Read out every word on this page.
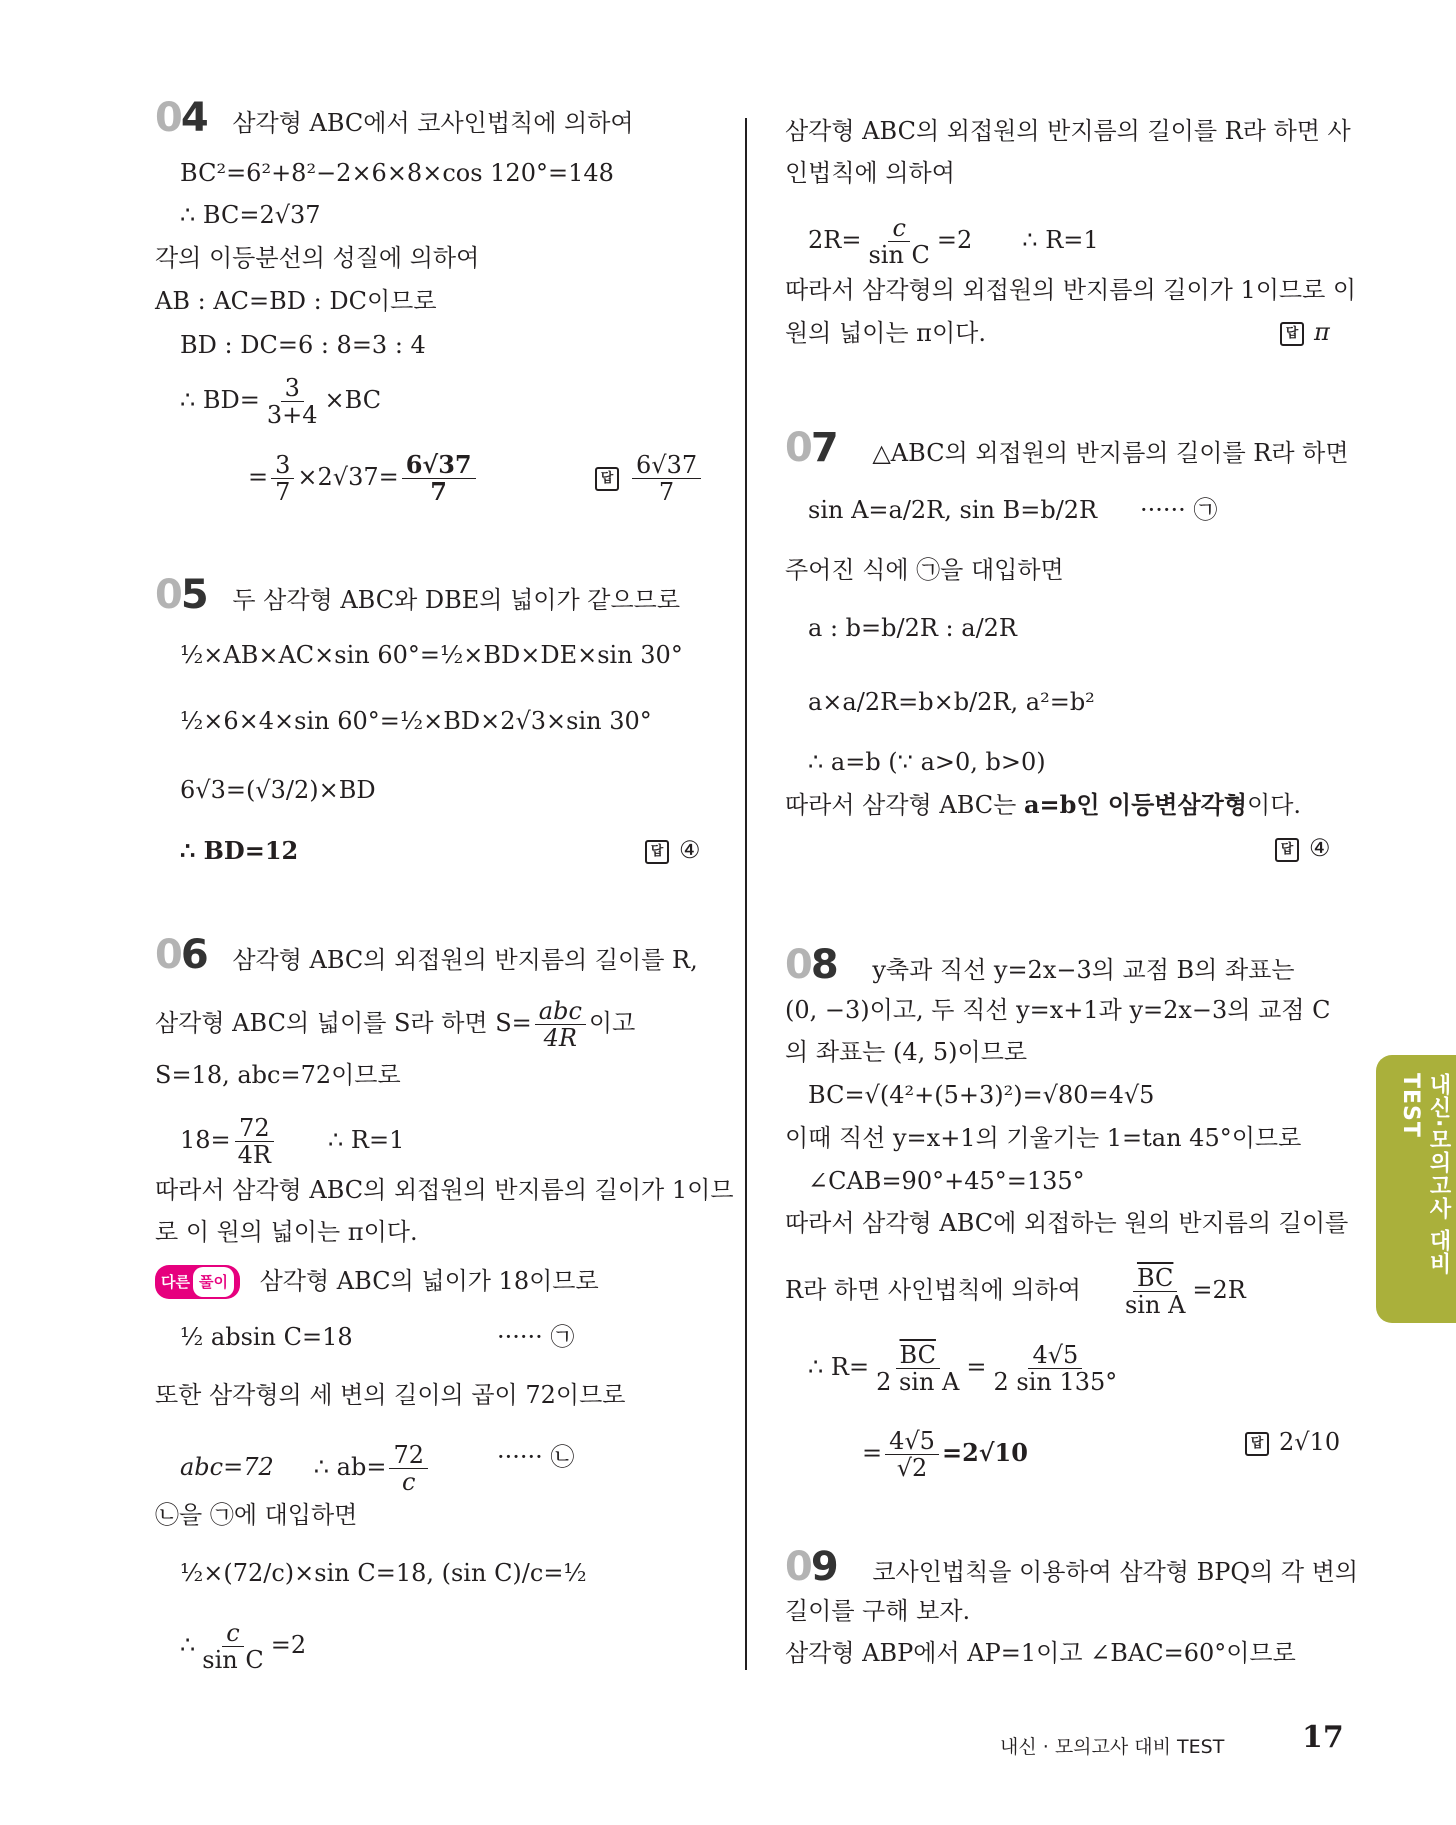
04 삼각형 ABC에서 코사인법칙에 의하여
BC²=6²+8²−2×6×8×cos 120°=148
∴ BC=2√37
각의 이등분선의 성질에 의하여
AB : AC=BD : DC이므로
BD : DC=6 : 8=3 : 4
∴ $BD= \frac{3}{3+4} \times BC$
= $\frac{3}{7} \times 2√37= \frac{6√37}{7}$	답 $\frac{6√37}{7}$
05 두 삼각형 ABC와 DBE의 넓이가 같으므로
½×AB×AC×sin 60°=½×BD×DE×sin 30°
½×6×4×sin 60°=½×BD×2√3×sin 30°
6√3=(√3/2)×BD
∴ BD=12	답 ④
06 삼각형 ABC의 외접원의 반지름의 길이를 R,
삼각형 ABC의 넓이를 S라 하면 $S= \frac{\text{abc}}{4R}$ 이고
S=18, abc=72이므로
$18= \frac{72}{4R}$ ∴ R=1
따라서 삼각형 ABC의 외접원의 반지름의 길이가 1이므
로 이 원의 넓이는 π이다.
다른 풀이 삼각형 ABC의 넓이가 18이므로
½ absin C=18	······ ㉠
또한 삼각형의 세 변의 길이의 곱이 72이므로
abc=72 ∴ $ab= \frac{72}{c}$	······ ㉡
㉡을 ㉠에 대입하면
½×(72/c)×sin C=18, (sin C)/c=½
∴ $\frac{c}{\text{sin C}} =2$
삼각형 ABC의 외접원의 반지름의 길이를 R라 하면 사
인법칙에 의하여
$2R= \frac{c}{\text{sin C}} =2$ ∴ R=1
따라서 삼각형의 외접원의 반지름의 길이가 1이므로 이
원의 넓이는 π이다.	답 π
07 △ABC의 외접원의 반지름의 길이를 R라 하면
sin A=a/2R, sin B=b/2R ······ ㉠
주어진 식에 ㉠을 대입하면
a : b=b/2R : a/2R
a×a/2R=b×b/2R, a²=b²
∴ a=b (∵ a>0, b>0)
따라서 삼각형 ABC는 a=b인 이등변삼각형이다.
답 ④
08 y축과 직선 y=2x−3의 교점 B의 좌표는
(0, −3)이고, 두 직선 y=x+1과 y=2x−3의 교점 C
의 좌표는 (4, 5)이므로
BC=√(4²+(5+3)²)=√80=4√5
이때 직선 y=x+1의 기울기는 1=tan 45°이므로
∠CAB=90°+45°=135°
따라서 삼각형 ABC에 외접하는 원의 반지름의 길이를
R라 하면 사인법칙에 의하여 $\frac{\overline{BC}}{\text{sin A}} =2R$
∴ $R= \frac{\overline{BC}}{\text{2 sin A}} = \frac{4√5}{2 \sin 135^\circ}$
= $\frac{4√5}{√2} =2√10$	답 2√10
09 코사인법칙을 이용하여 삼각형 BPQ의 각 변의
길이를 구해 보자.
삼각형 ABP에서 AP=1이고 ∠BAC=60°이므로
내신·모의고사 대비 TEST
내신 · 모의고사 대비 TEST	17
